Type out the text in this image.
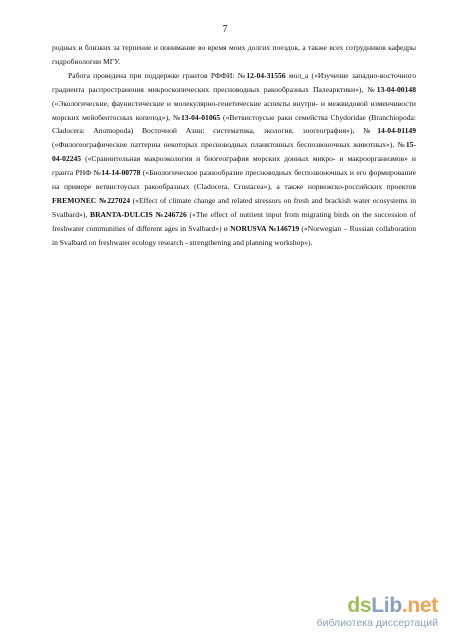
7

родных и близких за терпение и понимание во время моих долгих поездок, а также всех сотрудников кафедры гидробиологии МГУ.

Работа проведена при поддержке грантов РФФИ: №12-04-31556 мол_а («Изучение западно-восточного градиента распространения микроскопических пресноводных ракообразных Палеарктики»), №13-04-00148 («Экологические, фаунистические и молекулярно-генетические аспекты внутри- и межвидовой изменчивости морских мейобентосных копепод»), №13-04-01065 («Ветвистоусые раки семейства Chydoridae (Branchiopoda: Cladocera: Anomopoda) Восточной Азии: систематика, экология, зоогеография»), №14-04-01149 («Филогеографические паттерны некоторых пресноводных планктонных беспозвоночных животных»), №15-04-02245 («Сравнительная макроэкология и биогеография морских донных микро- и макроорганизмов» и гранта РНФ №14-14-00778 («Биологическое разнообразие пресноводных беспозвоночных и его формирование на примере ветвистоусых ракообразных (Cladocera, Crustacea»), а также норвежско-российских проектов FREMONEC №227024 («Effect of climate change and related stressors on fresh and brackish water ecosystems in Svalbard»), BRANTA-DULCIS №246726 («The effect of nutrient input from migrating birds on the succession of freshwater communities of different ages in Svalbard») и NORUSVA №146719 («Norwegian – Russian collaboration in Svalbard on freshwater ecology research - strengthening and planning workshop»).

dsLib.net
библиотека диссертаций
